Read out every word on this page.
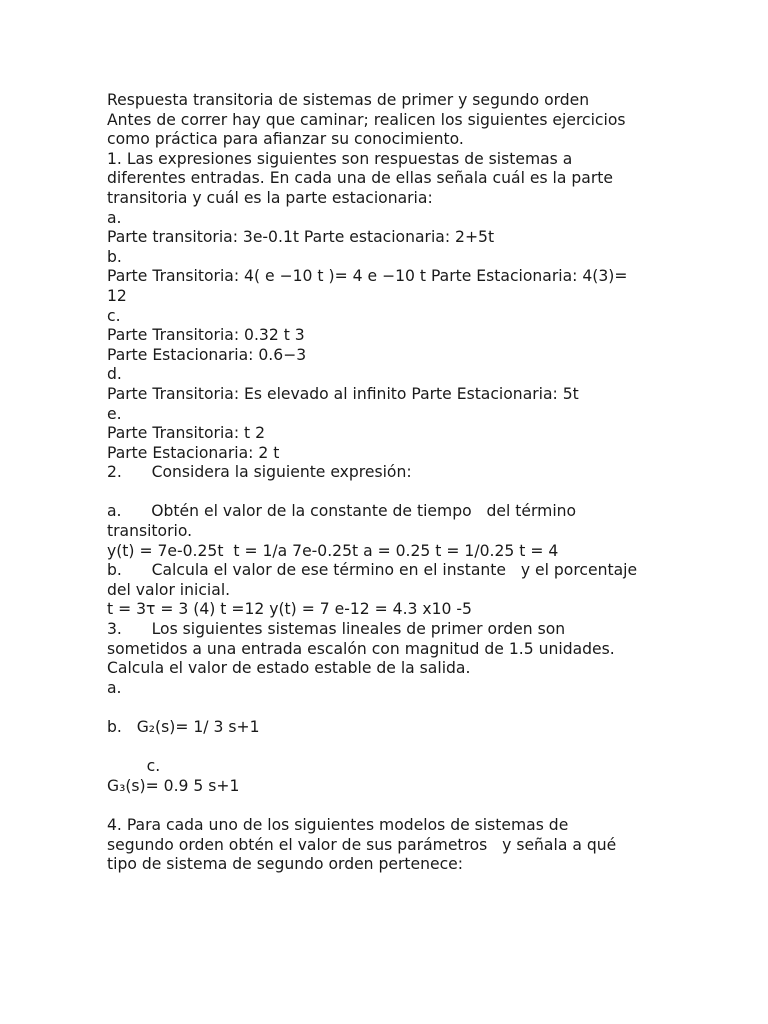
Respuesta transitoria de sistemas de primer y segundo orden
Antes de correr hay que caminar; realicen los siguientes ejercicios
como práctica para afianzar su conocimiento.
1. Las expresiones siguientes son respuestas de sistemas a
diferentes entradas. En cada una de ellas señala cuál es la parte
transitoria y cuál es la parte estacionaria:
a.
Parte transitoria: 3e-0.1t Parte estacionaria: 2+5t
b.
Parte Transitoria: 4( e −10 t )= 4 e −10 t Parte Estacionaria: 4(3)=
12
c.
Parte Transitoria: 0.32 t 3
Parte Estacionaria: 0.6−3
d.
Parte Transitoria: Es elevado al infinito Parte Estacionaria: 5t
e.
Parte Transitoria: t 2
Parte Estacionaria: 2 t
2.      Considera la siguiente expresión:
a.      Obtén el valor de la constante de tiempo   del término
transitorio.
y(t) = 7e-0.25t  t = 1/a 7e-0.25t a = 0.25 t = 1/0.25 t = 4
b.      Calcula el valor de ese término en el instante   y el porcentaje
del valor inicial.
t = 3τ = 3 (4) t =12 y(t) = 7 e-12 = 4.3 x10 -5
3.      Los siguientes sistemas lineales de primer orden son
sometidos a una entrada escalón con magnitud de 1.5 unidades.
Calcula el valor de estado estable de la salida.
a.
b.   G₂(s)= 1/ 3 s+1
c.
G₃(s)= 0.9 5 s+1
4. Para cada uno de los siguientes modelos de sistemas de
segundo orden obtén el valor de sus parámetros   y señala a qué
tipo de sistema de segundo orden pertenece:
